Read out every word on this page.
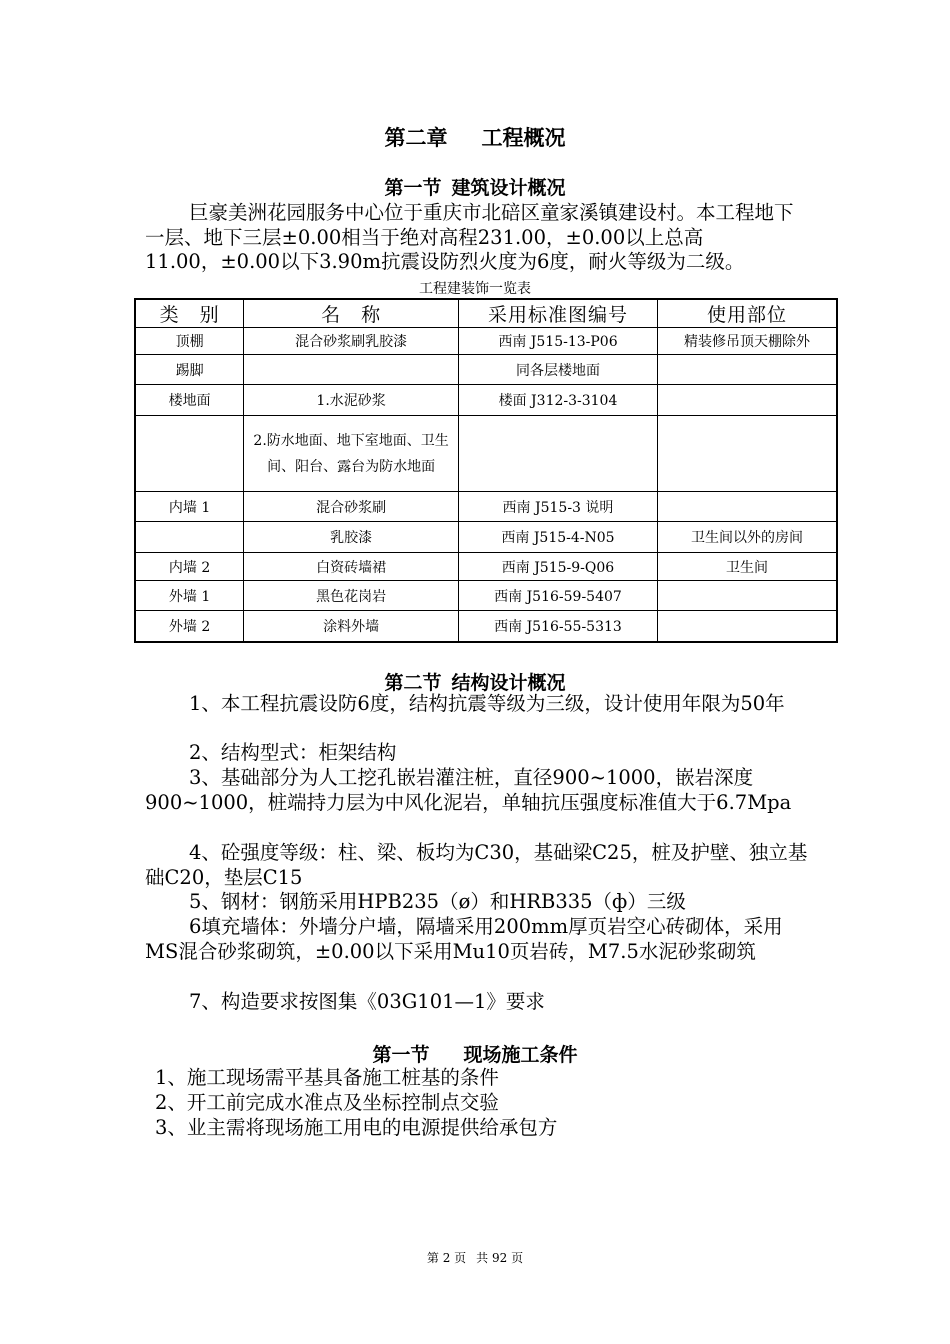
第二章 工程概况
第一节 建筑设计概况
巨豪美洲花园服务中心位于重庆市北碚区童家溪镇建设村。本工程地下一层、地下三层±0.00相当于绝对高程231.00，±0.00以上总高11.00，±0.00以下3.90m抗震设防烈火度为6度，耐火等级为二级。
工程建装饰一览表
类　别	名　称	采用标准图编号	使用部位
顶棚	混合砂浆刷乳胶漆	西南 J515-13-P06	精装修吊顶天棚除外
踢脚		同各层楼地面	
楼地面	1.水泥砂浆	楼面 J312-3-3104	
	2.防水地面、地下室地面、卫生间、阳台、露台为防水地面		
内墙 1	混合砂浆刷	西南 J515-3 说明	
	乳胶漆	西南 J515-4-N05	卫生间以外的房间
内墙 2	白资砖墙裙	西南 J515-9-Q06	卫生间
外墙 1	黑色花岗岩	西南 J516-59-5407	
外墙 2	涂料外墙	西南 J516-55-5313	
第二节 结构设计概况
1、本工程抗震设防6度，结构抗震等级为三级，设计使用年限为50年
2、结构型式：柜架结构
3、基础部分为人工挖孔嵌岩灌注桩，直径900~1000，嵌岩深度900~1000，桩端持力层为中风化泥岩，单轴抗压强度标准值大于6.7Mpa
4、砼强度等级：柱、梁、板均为C30，基础梁C25，桩及护壁、独立基础C20，垫层C15
5、钢材：钢筋采用HPB235（ø）和HRB335（ф）三级
6填充墙体：外墙分户墙，隔墙采用200mm厚页岩空心砖砌体，采用MS混合砂浆砌筑，±0.00以下采用Mu10页岩砖，M7.5水泥砂浆砌筑
7、构造要求按图集《03G101—1》要求
第一节 现场施工条件
1、施工现场需平基具备施工桩基的条件
2、开工前完成水准点及坐标控制点交验
3、业主需将现场施工用电的电源提供给承包方
第 2 页 共 92 页
